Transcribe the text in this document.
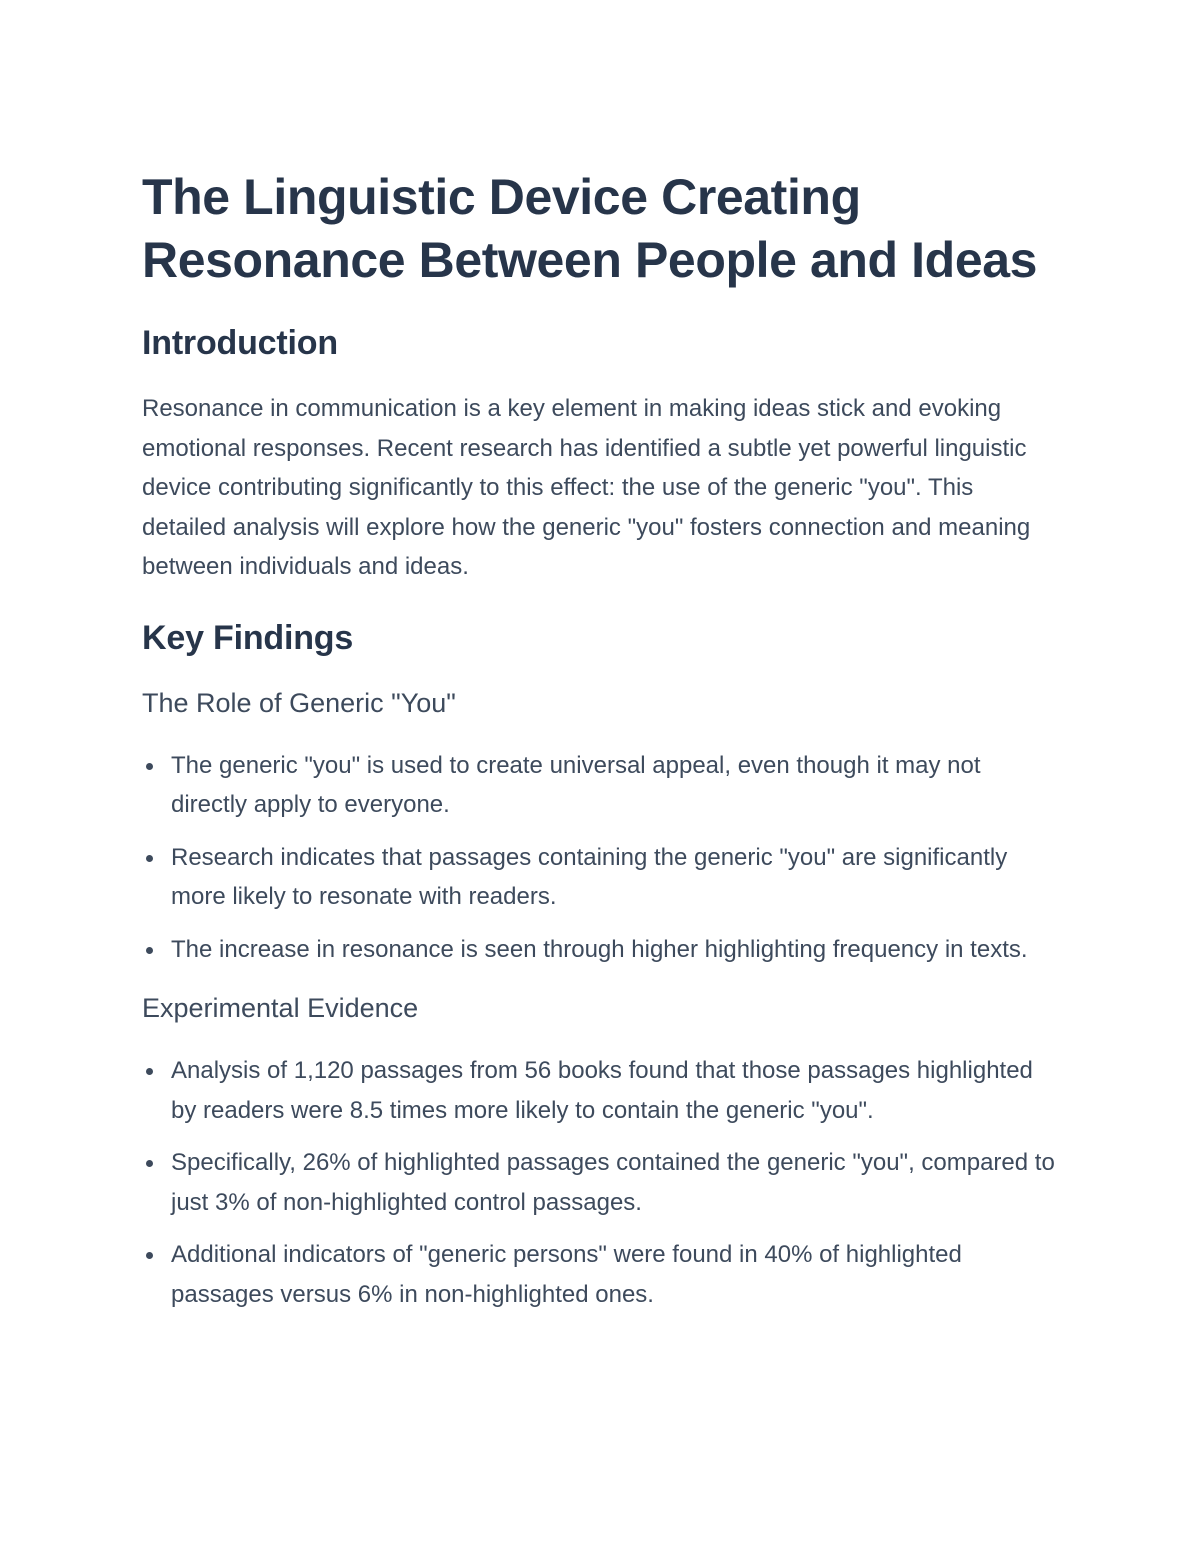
The Linguistic Device Creating Resonance Between People and Ideas
Introduction

Resonance in communication is a key element in making ideas stick and evoking emotional responses. Recent research has identified a subtle yet powerful linguistic device contributing significantly to this effect: the use of the generic "you". This detailed analysis will explore how the generic "you" fosters connection and meaning between individuals and ideas.

Key Findings
The Role of Generic "You"
The generic "you" is used to create universal appeal, even though it may not directly apply to everyone.
Research indicates that passages containing the generic "you" are significantly more likely to resonate with readers.
The increase in resonance is seen through higher highlighting frequency in texts.
Experimental Evidence
Analysis of 1,120 passages from 56 books found that those passages highlighted by readers were 8.5 times more likely to contain the generic "you".
Specifically, 26% of highlighted passages contained the generic "you", compared to just 3% of non-highlighted control passages.
Additional indicators of "generic persons" were found in 40% of highlighted passages versus 6% in non-highlighted ones.
